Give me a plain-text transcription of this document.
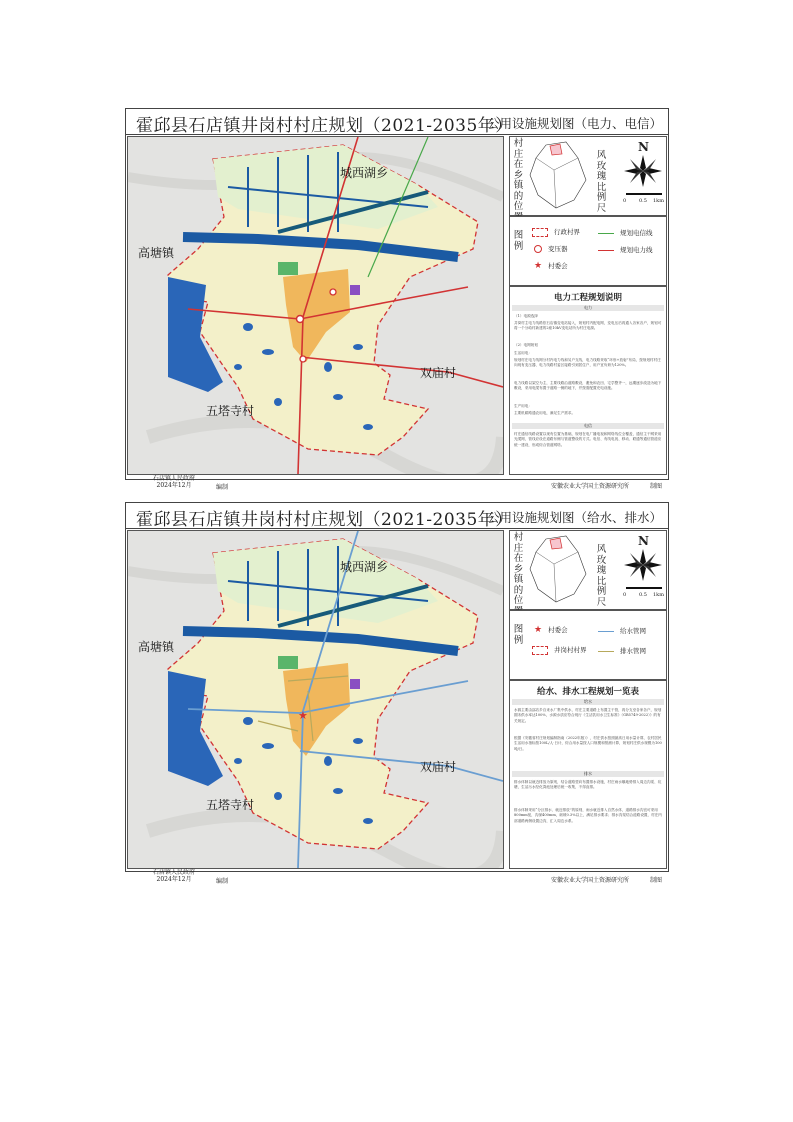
霍邱县石店镇井岗村村庄规划（2021-2035年）
公用设施规划图（电力、电信）
城西湖乡
高塘镇
双庙村
五塔寺村
村庄在乡镇的位
风玫瑰比例尺
N
0	0.5 1km
图例
行政村界	规划电信线
变压器	规划电力线
★ 村委会
电力工程规划说明
电力
（1）电源选择
井岗村主电力线路依石店镇变电站接入，规划村内配电网，变电压后再通入各家各户，规划可将一个分给村新建的2座10kV变电站所为村庄电源。
（2）电网规划
生活用电：
规划村庄电力线网分村内电力线和另户支线，电力线路采取“环形+放射”布局，按规划村村庄向现有变压器、电力线路村委区接路引到居住户，用户宜负荷为120%。
电力线路以架空为主，主要线路沿道路敷设，避免和农田、宅学整齐一，远期逐步改造为地下敷设，采用电缆布置于道路一侧的地下，并按需配置充电设施。
生产用电：
主要机耕路通农用电，满足生产需求。
电信
村庄通信线路设置以现有位置为基础，规划在电厂播电视和网络线位全覆盖，通信主干网采用光缆网，管线应设在道路东侧与管道整设的方式。电信、有线电视、移动、联通等通信管道应统一建设，形成综合管道网络。
石店镇人民政府
2024年12月	编制	安徽农业大学国土资源研究所	制图
霍邱县石店镇井岗村村庄规划（2021-2035年）
公用设施规划图（给水、排水）
★
城西湖乡
高塘镇
双庙村
五塔寺村
村庄在乡镇的位
风玫瑰比例尺
N
0	0.5 1km
图例
★ 村委会	给水管网
井岗村村界	排水管网
给水、排水工程规划一览表
给水
水源主要由邵店乡自来水厂集中供水，村庄主要道路上布置主干管，再分支至各家各户，规划期末供水率达100%，水源水质应符合现行《生活饮用水卫生标准》（GB5749-2022）》的有关规定。
根据《安徽省村庄规划编制指南（2022年版）》，村庄供水按照最高日用水量计算，农村居民生活用水指标按100L/人·日计，综合用水量按人口规模和预测计算，规划村庄供水规模为100吨/日。
排水
排水体制以就近排放为原则，结合道路竖向布置排水设施，村庄雨水顺地势排入周边沟渠、坑塘，生活污水经化粪池处理后统一收集，不得直排。
排水体制采用“分区排水、就近排放”的原则，雨水就近排入自然水体，道路排水沟宜可采用800mm宽，沟深400mm，纵坡0.3%以上，满足排水要求；排水沟渠结合道路设置，村庄内部道路两侧设置边沟，汇入周边水系。
石店镇人民政府
2024年12月	编制	安徽农业大学国土资源研究所	制图
